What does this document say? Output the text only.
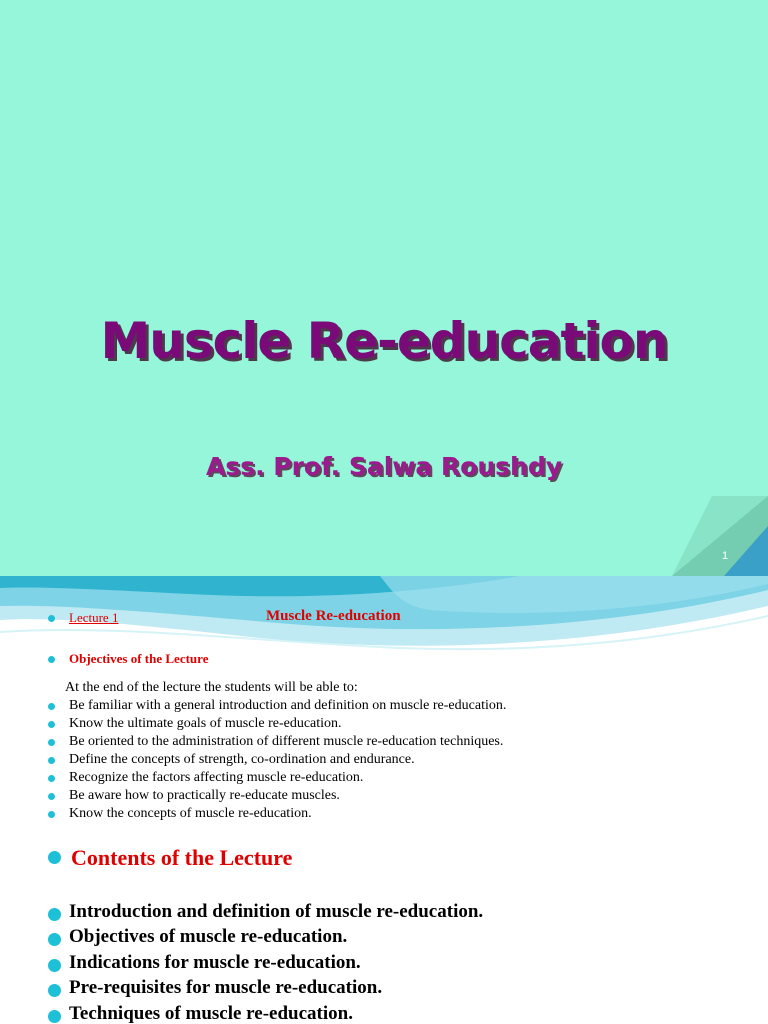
Muscle Re-education
Ass. Prof. Salwa Roushdy
1
Lecture 1	Muscle Re-education
Objectives of the Lecture
At the end of the lecture the students will be able to:
Be familiar with a general introduction and definition on muscle re-education.
Know the ultimate goals of muscle re-education.
Be oriented to the administration of different muscle re-education techniques.
Define the concepts of strength, co-ordination and endurance.
Recognize the factors affecting muscle re-education.
Be aware how to practically re-educate muscles.
Know the concepts of muscle re-education.
Contents of the Lecture
Introduction and definition of muscle re-education.
Objectives of muscle re-education.
Indications for muscle re-education.
Pre-requisites for muscle re-education.
Techniques of muscle re-education.
